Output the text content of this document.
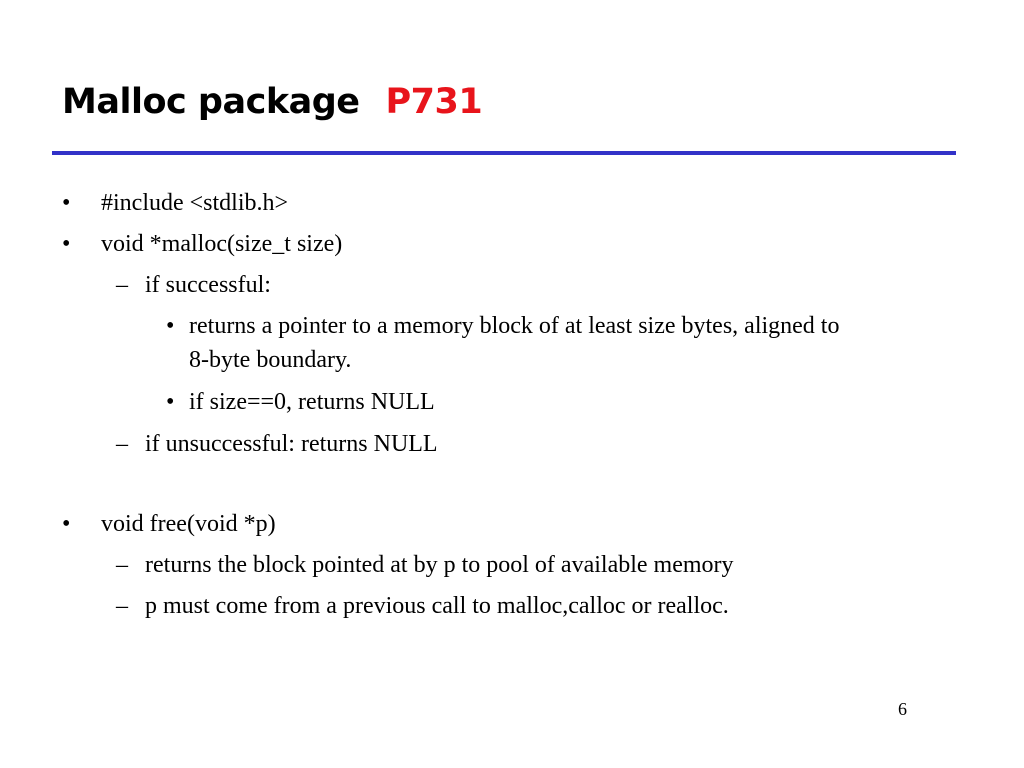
Malloc package P731
• #include <stdlib.h>
• void *malloc(size_t size)
– if successful:
• returns a pointer to a memory block of at least size bytes, aligned to
8-byte boundary.
• if size==0, returns NULL
– if unsuccessful: returns NULL
• void free(void *p)
– returns the block pointed at by p to pool of available memory
– p must come from a previous call to malloc,calloc or realloc.
6
